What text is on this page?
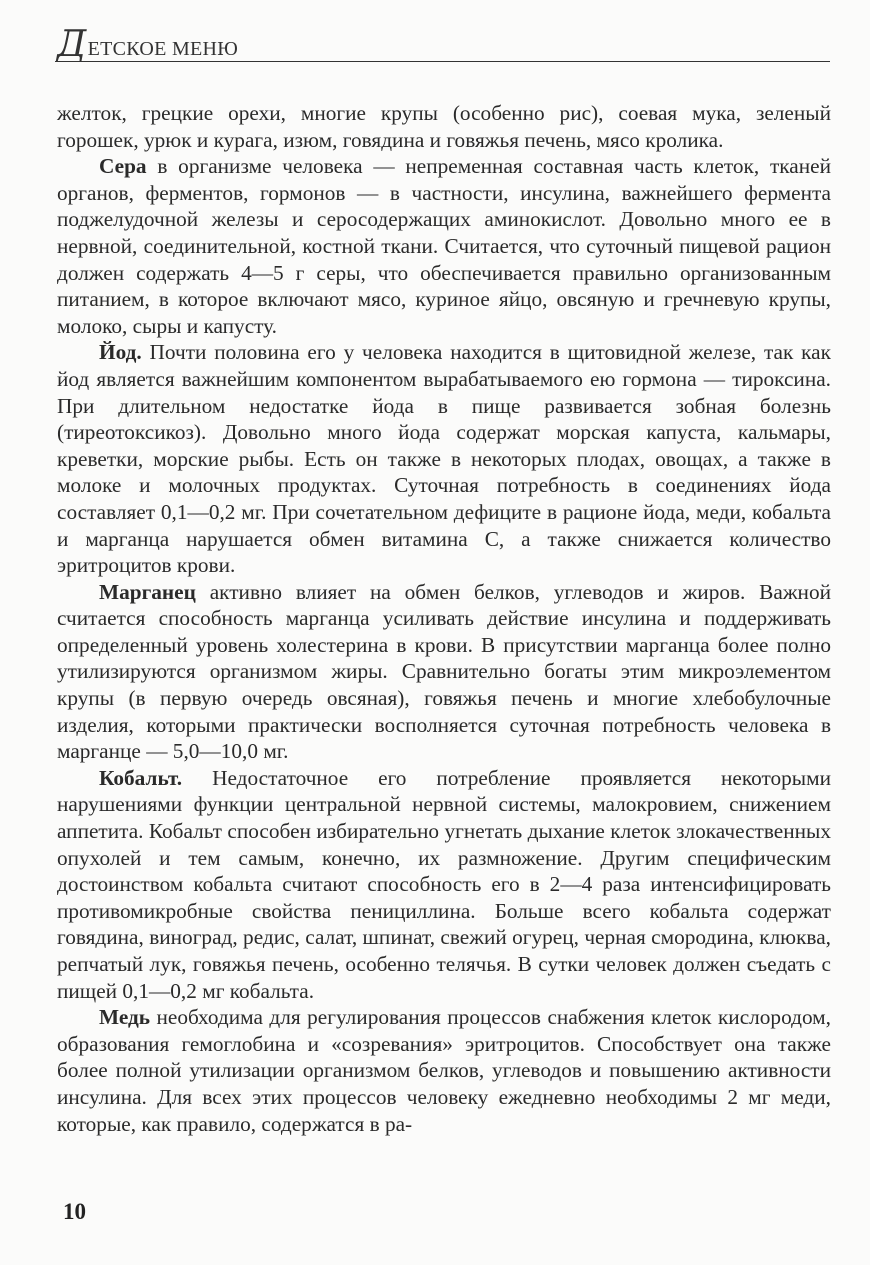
Д ЕТСКОЕ МЕНЮ

желток, грецкие орехи, многие крупы (особенно рис), соевая мука, зеленый горошек, урюк и курага, изюм, говядина и говяжья печень, мясо кролика.

Сера в организме человека — непременная составная часть клеток, тканей органов, ферментов, гормонов — в частности, инсулина, важнейшего фермента поджелудочной железы и серосодержащих аминокислот. Довольно много ее в нервной, соединительной, костной ткани. Считается, что суточный пищевой рацион должен содержать 4—5 г серы, что обеспечивается правильно организованным питанием, в которое включают мясо, куриное яйцо, овсяную и гречневую крупы, молоко, сыры и капусту.

Йод. Почти половина его у человека находится в щитовидной железе, так как йод является важнейшим компонентом вырабатываемого ею гормона — тироксина. При длительном недостатке йода в пище развивается зобная болезнь (тиреотоксикоз). Довольно много йода содержат морская капуста, кальмары, креветки, морские рыбы. Есть он также в некоторых плодах, овощах, а также в молоке и молочных продуктах. Суточная потребность в соединениях йода составляет 0,1—0,2 мг. При сочетательном дефиците в рационе йода, меди, кобальта и марганца нарушается обмен витамина С, а также снижается количество эритроцитов крови.

Марганец активно влияет на обмен белков, углеводов и жиров. Важной считается способность марганца усиливать действие инсулина и поддерживать определенный уровень холестерина в крови. В присутствии марганца более полно утилизируются организмом жиры. Сравнительно богаты этим микроэлементом крупы (в первую очередь овсяная), говяжья печень и многие хлебобулочные изделия, которыми практически восполняется суточная потребность человека в марганце — 5,0—10,0 мг.

Кобальт. Недостаточное его потребление проявляется некоторыми нарушениями функции центральной нервной системы, малокровием, снижением аппетита. Кобальт способен избирательно угнетать дыхание клеток злокачественных опухолей и тем самым, конечно, их размножение. Другим специфическим достоинством кобальта считают способность его в 2—4 раза интенсифицировать противомикробные свойства пенициллина. Больше всего кобальта содержат говядина, виноград, редис, салат, шпинат, свежий огурец, черная смородина, клюква, репчатый лук, говяжья печень, особенно телячья. В сутки человек должен съедать с пищей 0,1—0,2 мг кобальта.

Медь необходима для регулирования процессов снабжения клеток кислородом, образования гемоглобина и «созревания» эритроцитов. Способствует она также более полной утилизации организмом белков, углеводов и повышению активности инсулина. Для всех этих процессов человеку ежедневно необходимы 2 мг меди, которые, как правило, содержатся в ра-

10
